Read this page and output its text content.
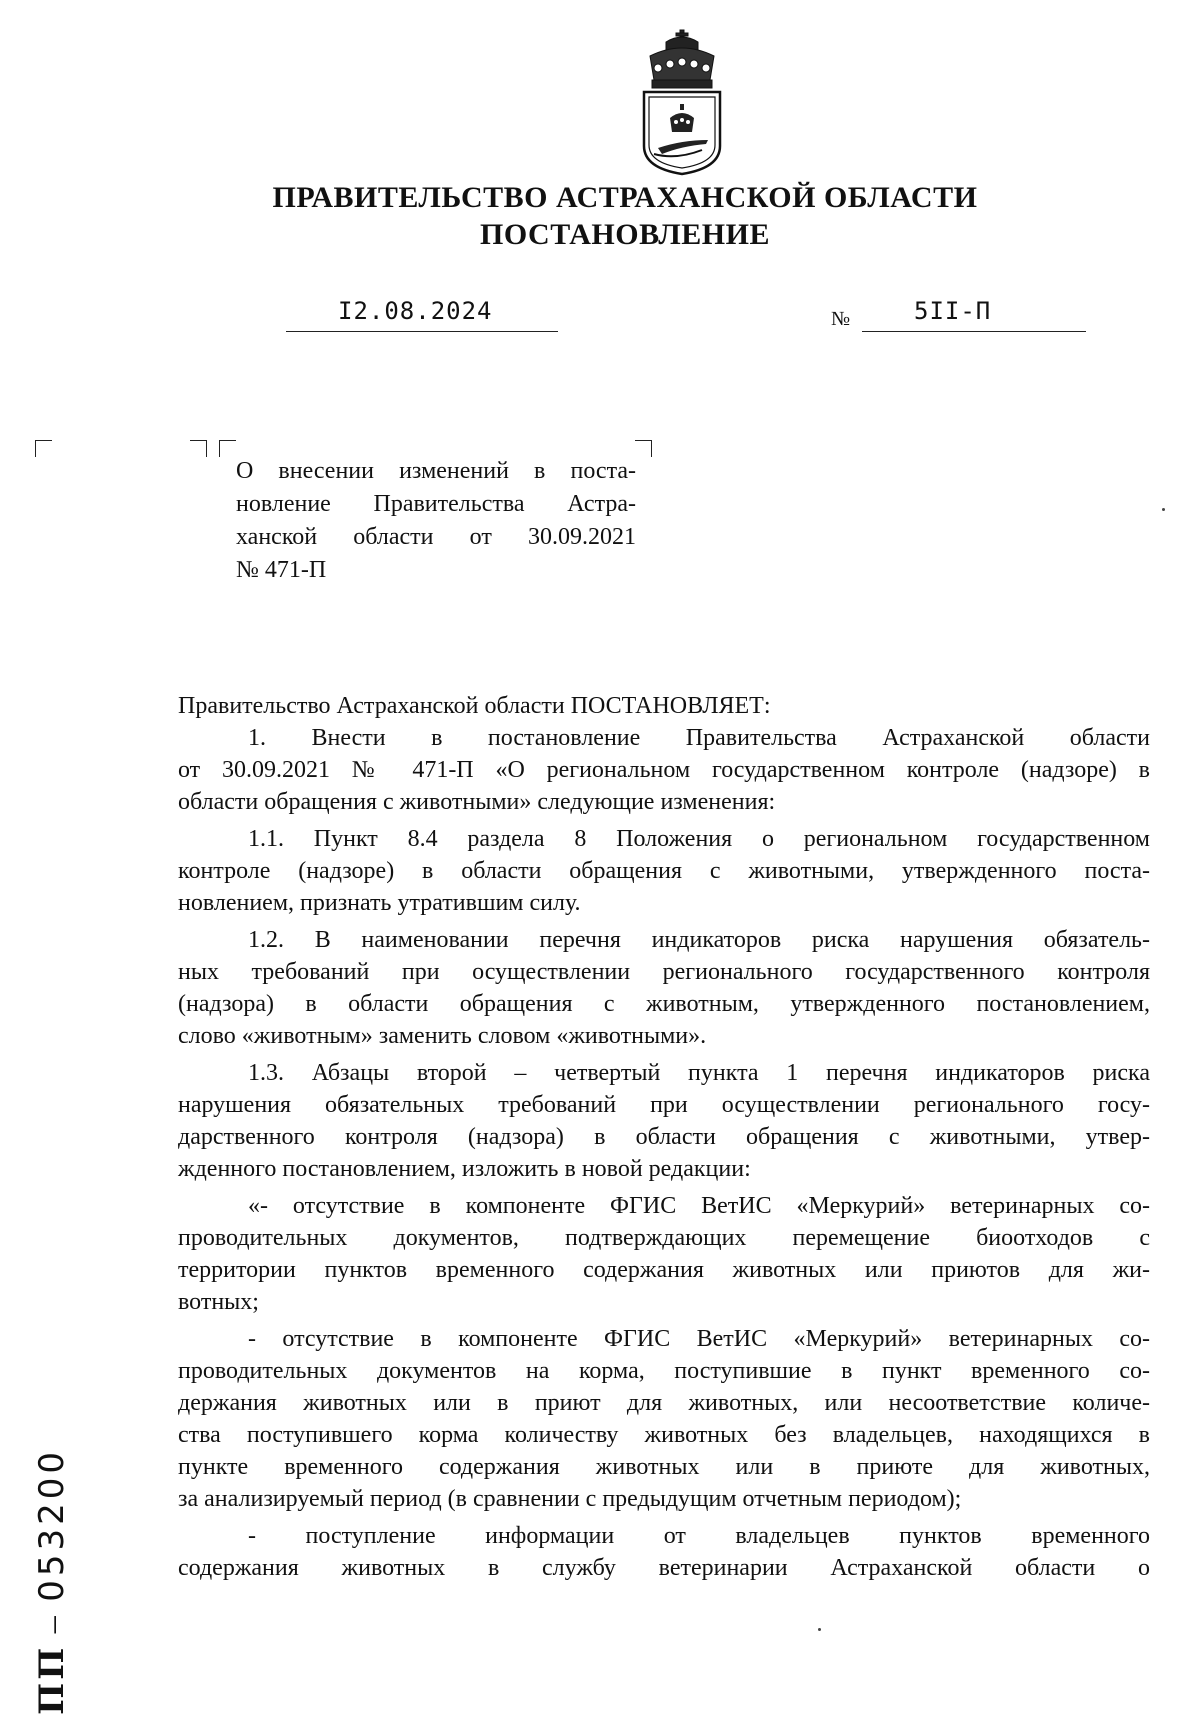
ПРАВИТЕЛЬСТВО АСТРАХАНСКОЙ ОБЛАСТИ
ПОСТАНОВЛЕНИЕ
I2.08.2024	№	5II-П
О внесении изменений в поста-
новление Правительства Астра-
ханской области от 30.09.2021
№ 471-П
Правительство Астраханской области ПОСТАНОВЛЯЕТ:
1. Внести в постановление Правительства Астраханской области
от 30.09.2021 № 471-П «О региональном государственном контроле (надзоре) в
области обращения с животными» следующие изменения:
1.1. Пункт 8.4 раздела 8 Положения о региональном государственном
контроле (надзоре) в области обращения с животными, утвержденного поста-
новлением, признать утратившим силу.
1.2. В наименовании перечня индикаторов риска нарушения обязатель-
ных требований при осуществлении регионального государственного контроля
(надзора) в области обращения с животным, утвержденного постановлением,
слово «животным» заменить словом «животными».
1.3. Абзацы второй – четвертый пункта 1 перечня индикаторов риска
нарушения обязательных требований при осуществлении регионального госу-
дарственного контроля (надзора) в области обращения с животными, утвер-
жденного постановлением, изложить в новой редакции:
«- отсутствие в компоненте ФГИС ВетИС «Меркурий» ветеринарных со-
проводительных документов, подтверждающих перемещение биоотходов с
территории пунктов временного содержания животных или приютов для жи-
вотных;
- отсутствие в компоненте ФГИС ВетИС «Меркурий» ветеринарных со-
проводительных документов на корма, поступившие в пункт временного со-
держания животных или в приют для животных, или несоответствие количе-
ства поступившего корма количеству животных без владельцев, находящихся в
пункте временного содержания животных или в приюте для животных,
за анализируемый период (в сравнении с предыдущим отчетным периодом);
- поступление информации от владельцев пунктов временного
содержания животных в службу ветеринарии Астраханской области о
ПП – 053200
